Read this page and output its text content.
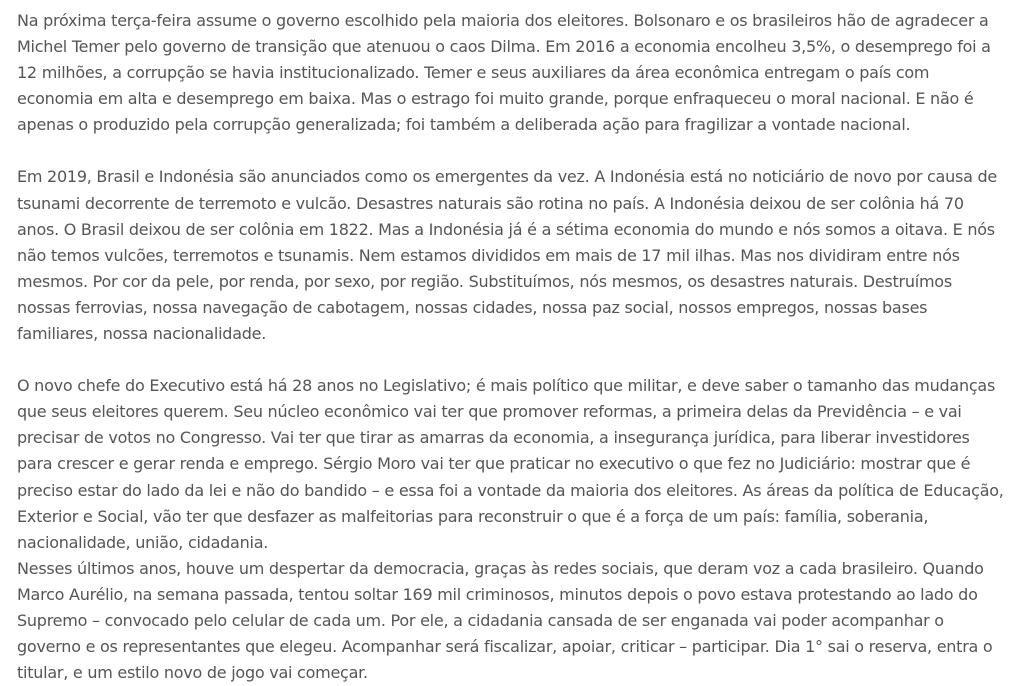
Na próxima terça-feira assume o governo escolhido pela maioria dos eleitores. Bolsonaro e os brasileiros hão de agradecer a Michel Temer pelo governo de transição que atenuou o caos Dilma. Em 2016 a economia encolheu 3,5%, o desemprego foi a 12 milhões, a corrupção se havia institucionalizado. Temer e seus auxiliares da área econômica entregam o país com economia em alta e desemprego em baixa. Mas o estrago foi muito grande, porque enfraqueceu o moral nacional. E não é apenas o produzido pela corrupção generalizada; foi também a deliberada ação para fragilizar a vontade nacional.

Em 2019, Brasil e Indonésia são anunciados como os emergentes da vez. A Indonésia está no noticiário de novo por causa de tsunami decorrente de terremoto e vulcão. Desastres naturais são rotina no país. A Indonésia deixou de ser colônia há 70 anos. O Brasil deixou de ser colônia em 1822. Mas a Indonésia já é a sétima economia do mundo e nós somos a oitava. E nós não temos vulcões, terremotos e tsunamis. Nem estamos divididos em mais de 17 mil ilhas. Mas nos dividiram entre nós mesmos. Por cor da pele, por renda, por sexo, por região. Substituímos, nós mesmos, os desastres naturais. Destruímos nossas ferrovias, nossa navegação de cabotagem, nossas cidades, nossa paz social, nossos empregos, nossas bases familiares, nossa nacionalidade.

O novo chefe do Executivo está há 28 anos no Legislativo; é mais político que militar, e deve saber o tamanho das mudanças que seus eleitores querem. Seu núcleo econômico vai ter que promover reformas, a primeira delas da Previdência – e vai precisar de votos no Congresso. Vai ter que tirar as amarras da economia, a insegurança jurídica, para liberar investidores para crescer e gerar renda e emprego. Sérgio Moro vai ter que praticar no executivo o que fez no Judiciário: mostrar que é preciso estar do lado da lei e não do bandido – e essa foi a vontade da maioria dos eleitores. As áreas da política de Educação, Exterior e Social, vão ter que desfazer as malfeitorias para reconstruir o que é a força de um país: família, soberania, nacionalidade, união, cidadania.

Nesses últimos anos, houve um despertar da democracia, graças às redes sociais, que deram voz a cada brasileiro. Quando Marco Aurélio, na semana passada, tentou soltar 169 mil criminosos, minutos depois o povo estava protestando ao lado do Supremo – convocado pelo celular de cada um. Por ele, a cidadania cansada de ser enganada vai poder acompanhar o governo e os representantes que elegeu. Acompanhar será fiscalizar, apoiar, criticar – participar. Dia 1° sai o reserva, entra o titular, e um estilo novo de jogo vai começar.
